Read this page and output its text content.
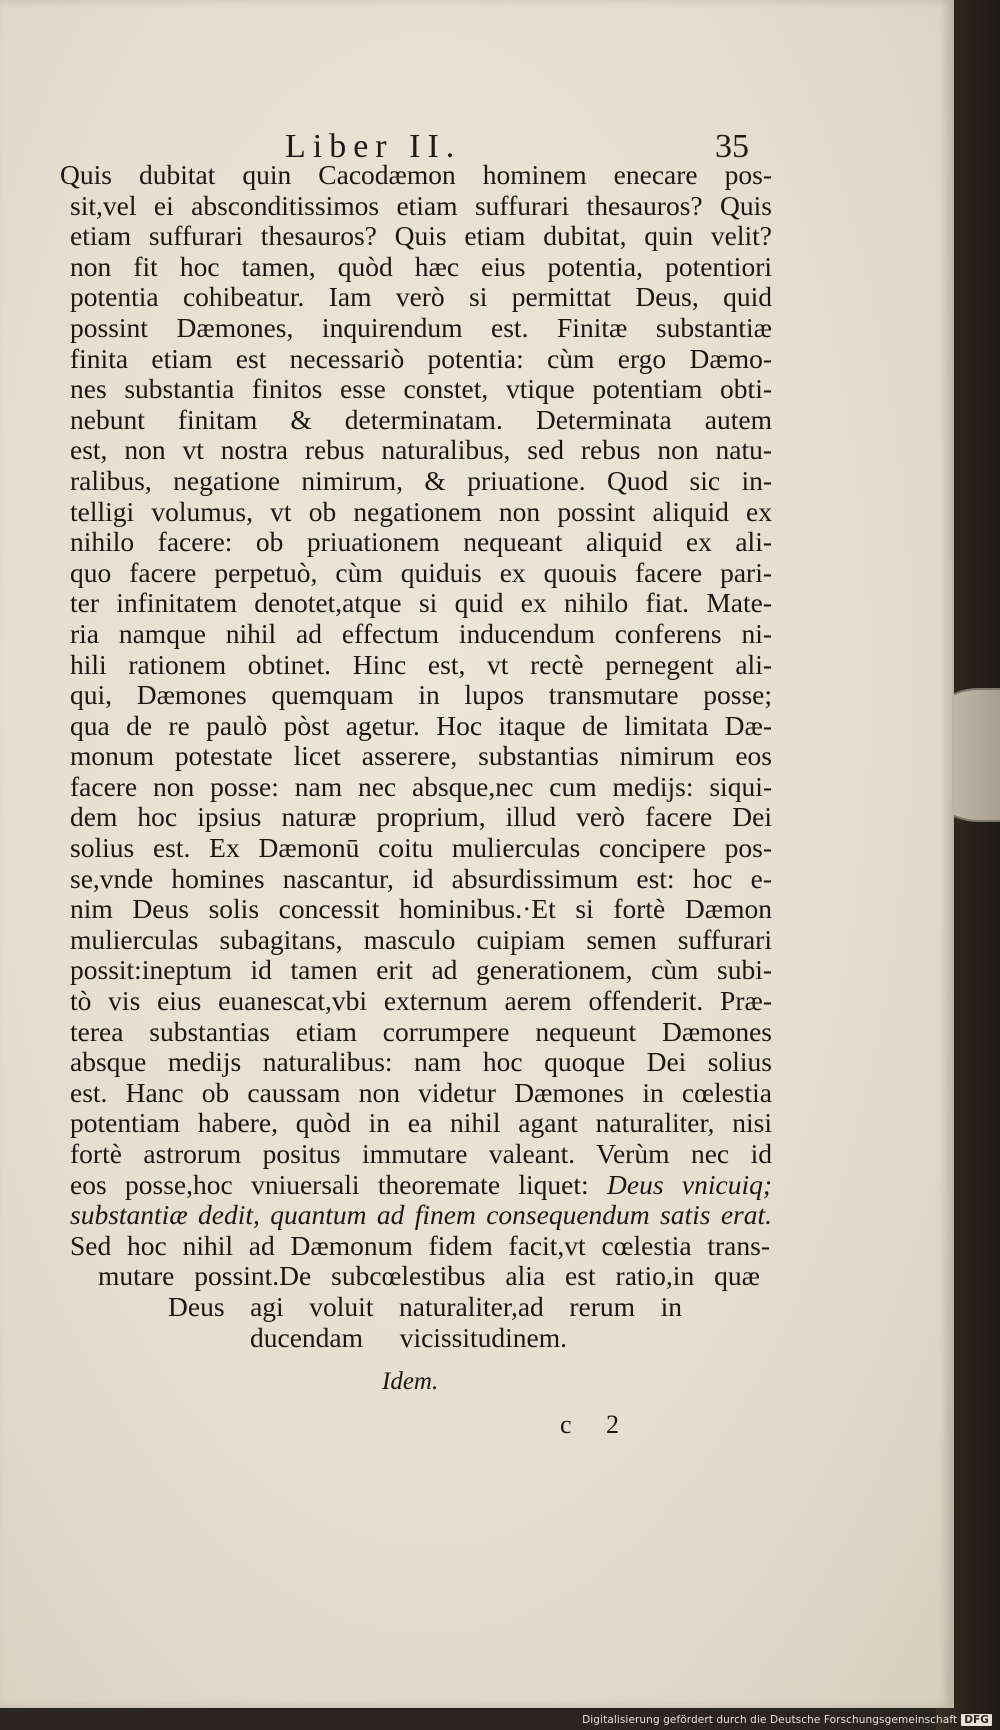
Liber II.	35
Quis dubitat quin Cacodæmon hominem enecare pos-
sit,vel ei absconditissimos etiam suffurari thesauros? Quis
etiam suffurari thesauros? Quis etiam dubitat, quin velit?
non fit hoc tamen, quòd hæc eius potentia, potentiori
potentia cohibeatur. Iam verò si permittat Deus, quid
possint Dæmones, inquirendum est. Finitæ substantiæ
finita etiam est necessariò potentia: cùm ergo Dæmo-
nes substantia finitos esse constet, vtique potentiam obti-
nebunt finitam & determinatam. Determinata autem
est, non vt nostra rebus naturalibus, sed rebus non natu-
ralibus, negatione nimirum, & priuatione. Quod sic in-
telligi volumus, vt ob negationem non possint aliquid ex
nihilo facere: ob priuationem nequeant aliquid ex ali-
quo facere perpetuò, cùm quiduis ex quouis facere pari-
ter infinitatem denotet,atque si quid ex nihilo fiat. Mate-
ria namque nihil ad effectum inducendum conferens ni-
hili rationem obtinet. Hinc est, vt rectè pernegent ali-
qui, Dæmones quemquam in lupos transmutare posse;
qua de re paulò pòst agetur. Hoc itaque de limitata Dæ-
monum potestate licet asserere, substantias nimirum eos
facere non posse: nam nec absque,nec cum medijs: siqui-
dem hoc ipsius naturæ proprium, illud verò facere Dei
solius est. Ex Dæmonū coitu mulierculas concipere pos-
se,vnde homines nascantur, id absurdissimum est: hoc e-
nim Deus solis concessit hominibus.·Et si fortè Dæmon
mulierculas subagitans, masculo cuipiam semen suffurari
possit:ineptum id tamen erit ad generationem, cùm subi-
tò vis eius euanescat,vbi externum aerem offenderit. Præ-
terea substantias etiam corrumpere nequeunt Dæmones
absque medijs naturalibus: nam hoc quoque Dei solius
est. Hanc ob caussam non videtur Dæmones in cœlestia
potentiam habere, quòd in ea nihil agant naturaliter, nisi
fortè astrorum positus immutare valeant. Verùm nec id
eos posse,hoc vniuersali theoremate liquet: Deus vnicuiq;
substantiæ dedit, quantum ad finem consequendum satis erat.
Sed hoc nihil ad Dæmonum fidem facit,vt cœlestia trans-
mutare possint.De subcœlestibus alia est ratio,in quæ
Deus agi voluit naturaliter,ad rerum in
ducendam vicissitudinem.
Idem.
c 2
Digitalisierung gefördert durch die Deutsche Forschungsgemeinschaft DFG
